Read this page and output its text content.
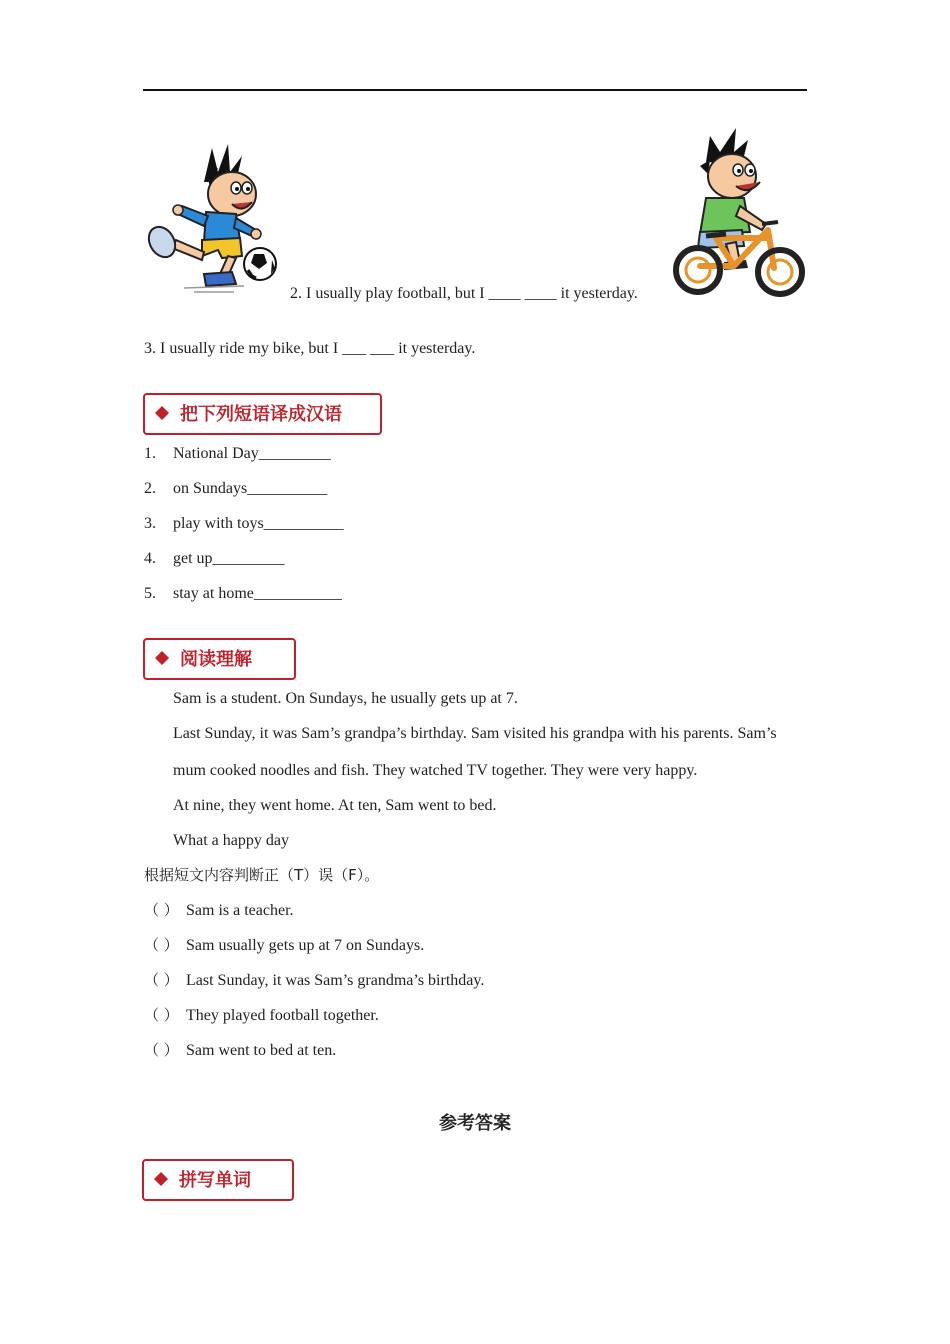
2. I usually play football, but I ____ ____ it yesterday.
3. I usually ride my bike, but I ___ ___ it yesterday.
把下列短语译成汉语
1. National Day_________
2. on Sundays__________
3. play with toys__________
4. get up_________
5. stay at home___________
阅读理解
Sam is a student. On Sundays, he usually gets up at 7.
Last Sunday, it was Sam’s grandpa’s birthday. Sam visited his grandpa with his parents. Sam’s
mum cooked noodles and fish. They watched TV together. They were very happy.
At nine, they went home. At ten, Sam went to bed.
What a happy day
根据短文内容判断正（T）误（F）。
（ ） Sam is a teacher.
（ ） Sam usually gets up at 7 on Sundays.
（ ） Last Sunday, it was Sam’s grandma’s birthday.
（ ） They played football together.
（ ） Sam went to bed at ten.
参考答案
拼写单词
